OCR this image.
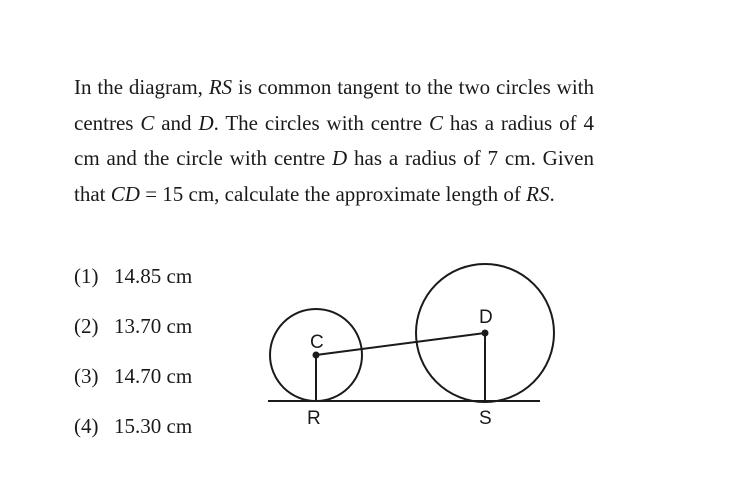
In the diagram, RS is common tangent to the two circles with centres C and D. The circles with centre C has a radius of 4 cm and the circle with centre D has a radius of 7 cm. Given that CD = 15 cm, calculate the approximate length of RS.

(1) 14.85 cm
(2) 13.70 cm
(3) 14.70 cm
(4) 15.30 cm
C
D
R	S
